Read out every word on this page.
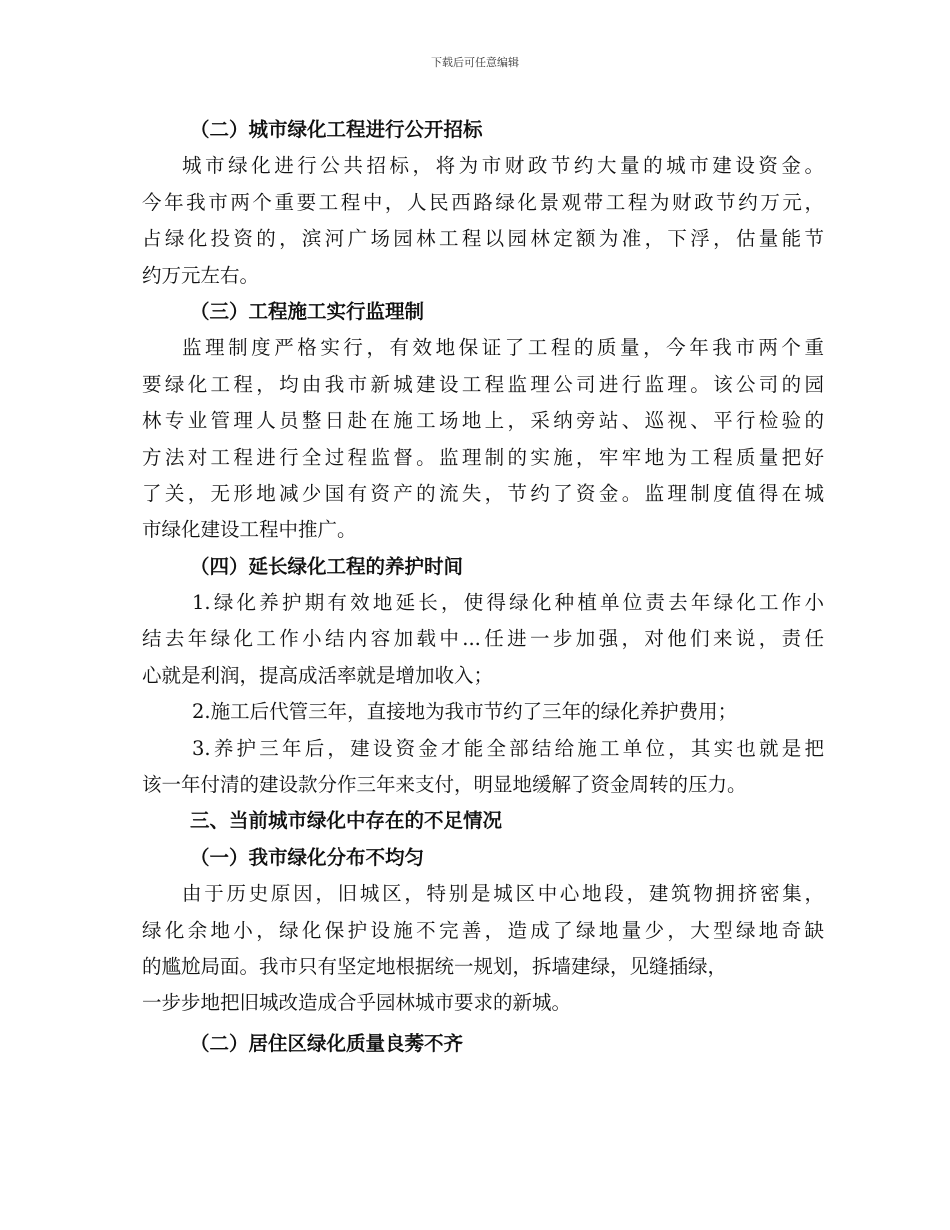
下载后可任意编辑
（二）城市绿化工程进行公开招标
城市绿化进行公共招标，将为市财政节约大量的城市建设资金。
今年我市两个重要工程中，人民西路绿化景观带工程为财政节约万元，
占绿化投资的，滨河广场园林工程以园林定额为准，下浮，估量能节
约万元左右。
（三）工程施工实行监理制
监理制度严格实行，有效地保证了工程的质量，今年我市两个重
要绿化工程，均由我市新城建设工程监理公司进行监理。该公司的园
林专业管理人员整日赴在施工场地上，采纳旁站、巡视、平行检验的
方法对工程进行全过程监督。监理制的实施，牢牢地为工程质量把好
了关，无形地减少国有资产的流失，节约了资金。监理制度值得在城
市绿化建设工程中推广。
（四）延长绿化工程的养护时间
1.绿化养护期有效地延长，使得绿化种植单位责去年绿化工作小
结去年绿化工作小结内容加载中...任进一步加强，对他们来说，责任
心就是利润，提高成活率就是增加收入；
2.施工后代管三年，直接地为我市节约了三年的绿化养护费用；
3.养护三年后，建设资金才能全部结给施工单位，其实也就是把
该一年付清的建设款分作三年来支付，明显地缓解了资金周转的压力。
三、当前城市绿化中存在的不足情况
（一）我市绿化分布不均匀
由于历史原因，旧城区，特别是城区中心地段，建筑物拥挤密集，
绿化余地小，绿化保护设施不完善，造成了绿地量少，大型绿地奇缺
的尴尬局面。我市只有坚定地根据统一规划，拆墙建绿，见缝插绿，
一步步地把旧城改造成合乎园林城市要求的新城。
（二）居住区绿化质量良莠不齐
